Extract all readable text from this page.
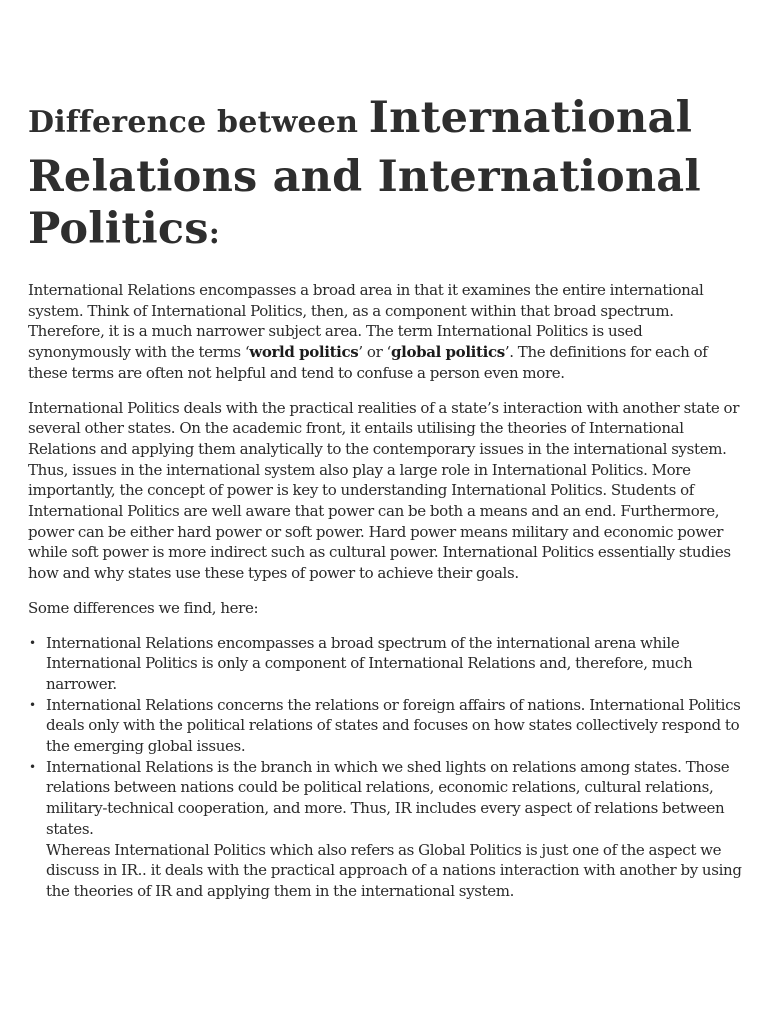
Difference between International Relations and International Politics:

International Relations encompasses a broad area in that it examines the entire international system. Think of International Politics, then, as a component within that broad spectrum. Therefore, it is a much narrower subject area. The term International Politics is used synonymously with the terms ‘world politics’ or ‘global politics’. The definitions for each of these terms are often not helpful and tend to confuse a person even more.

International Politics deals with the practical realities of a state’s interaction with another state or several other states. On the academic front, it entails utilising the theories of International Relations and applying them analytically to the contemporary issues in the international system. Thus, issues in the international system also play a large role in International Politics. More importantly, the concept of power is key to understanding International Politics. Students of International Politics are well aware that power can be both a means and an end. Furthermore, power can be either hard power or soft power. Hard power means military and economic power while soft power is more indirect such as cultural power. International Politics essentially studies how and why states use these types of power to achieve their goals.

Some differences we find, here:

• International Relations encompasses a broad spectrum of the international arena while International Politics is only a component of International Relations and, therefore, much narrower.
• International Relations concerns the relations or foreign affairs of nations. International Politics deals only with the political relations of states and focuses on how states collectively respond to the emerging global issues.
• International Relations is the branch in which we shed lights on relations among states. Those relations between nations could be political relations, economic relations, cultural relations, military-technical cooperation, and more. Thus, IR includes every aspect of relations between states.
Whereas International Politics which also refers as Global Politics is just one of the aspect we discuss in IR.. it deals with the practical approach of a nations interaction with another by using the theories of IR and applying them in the international system.
